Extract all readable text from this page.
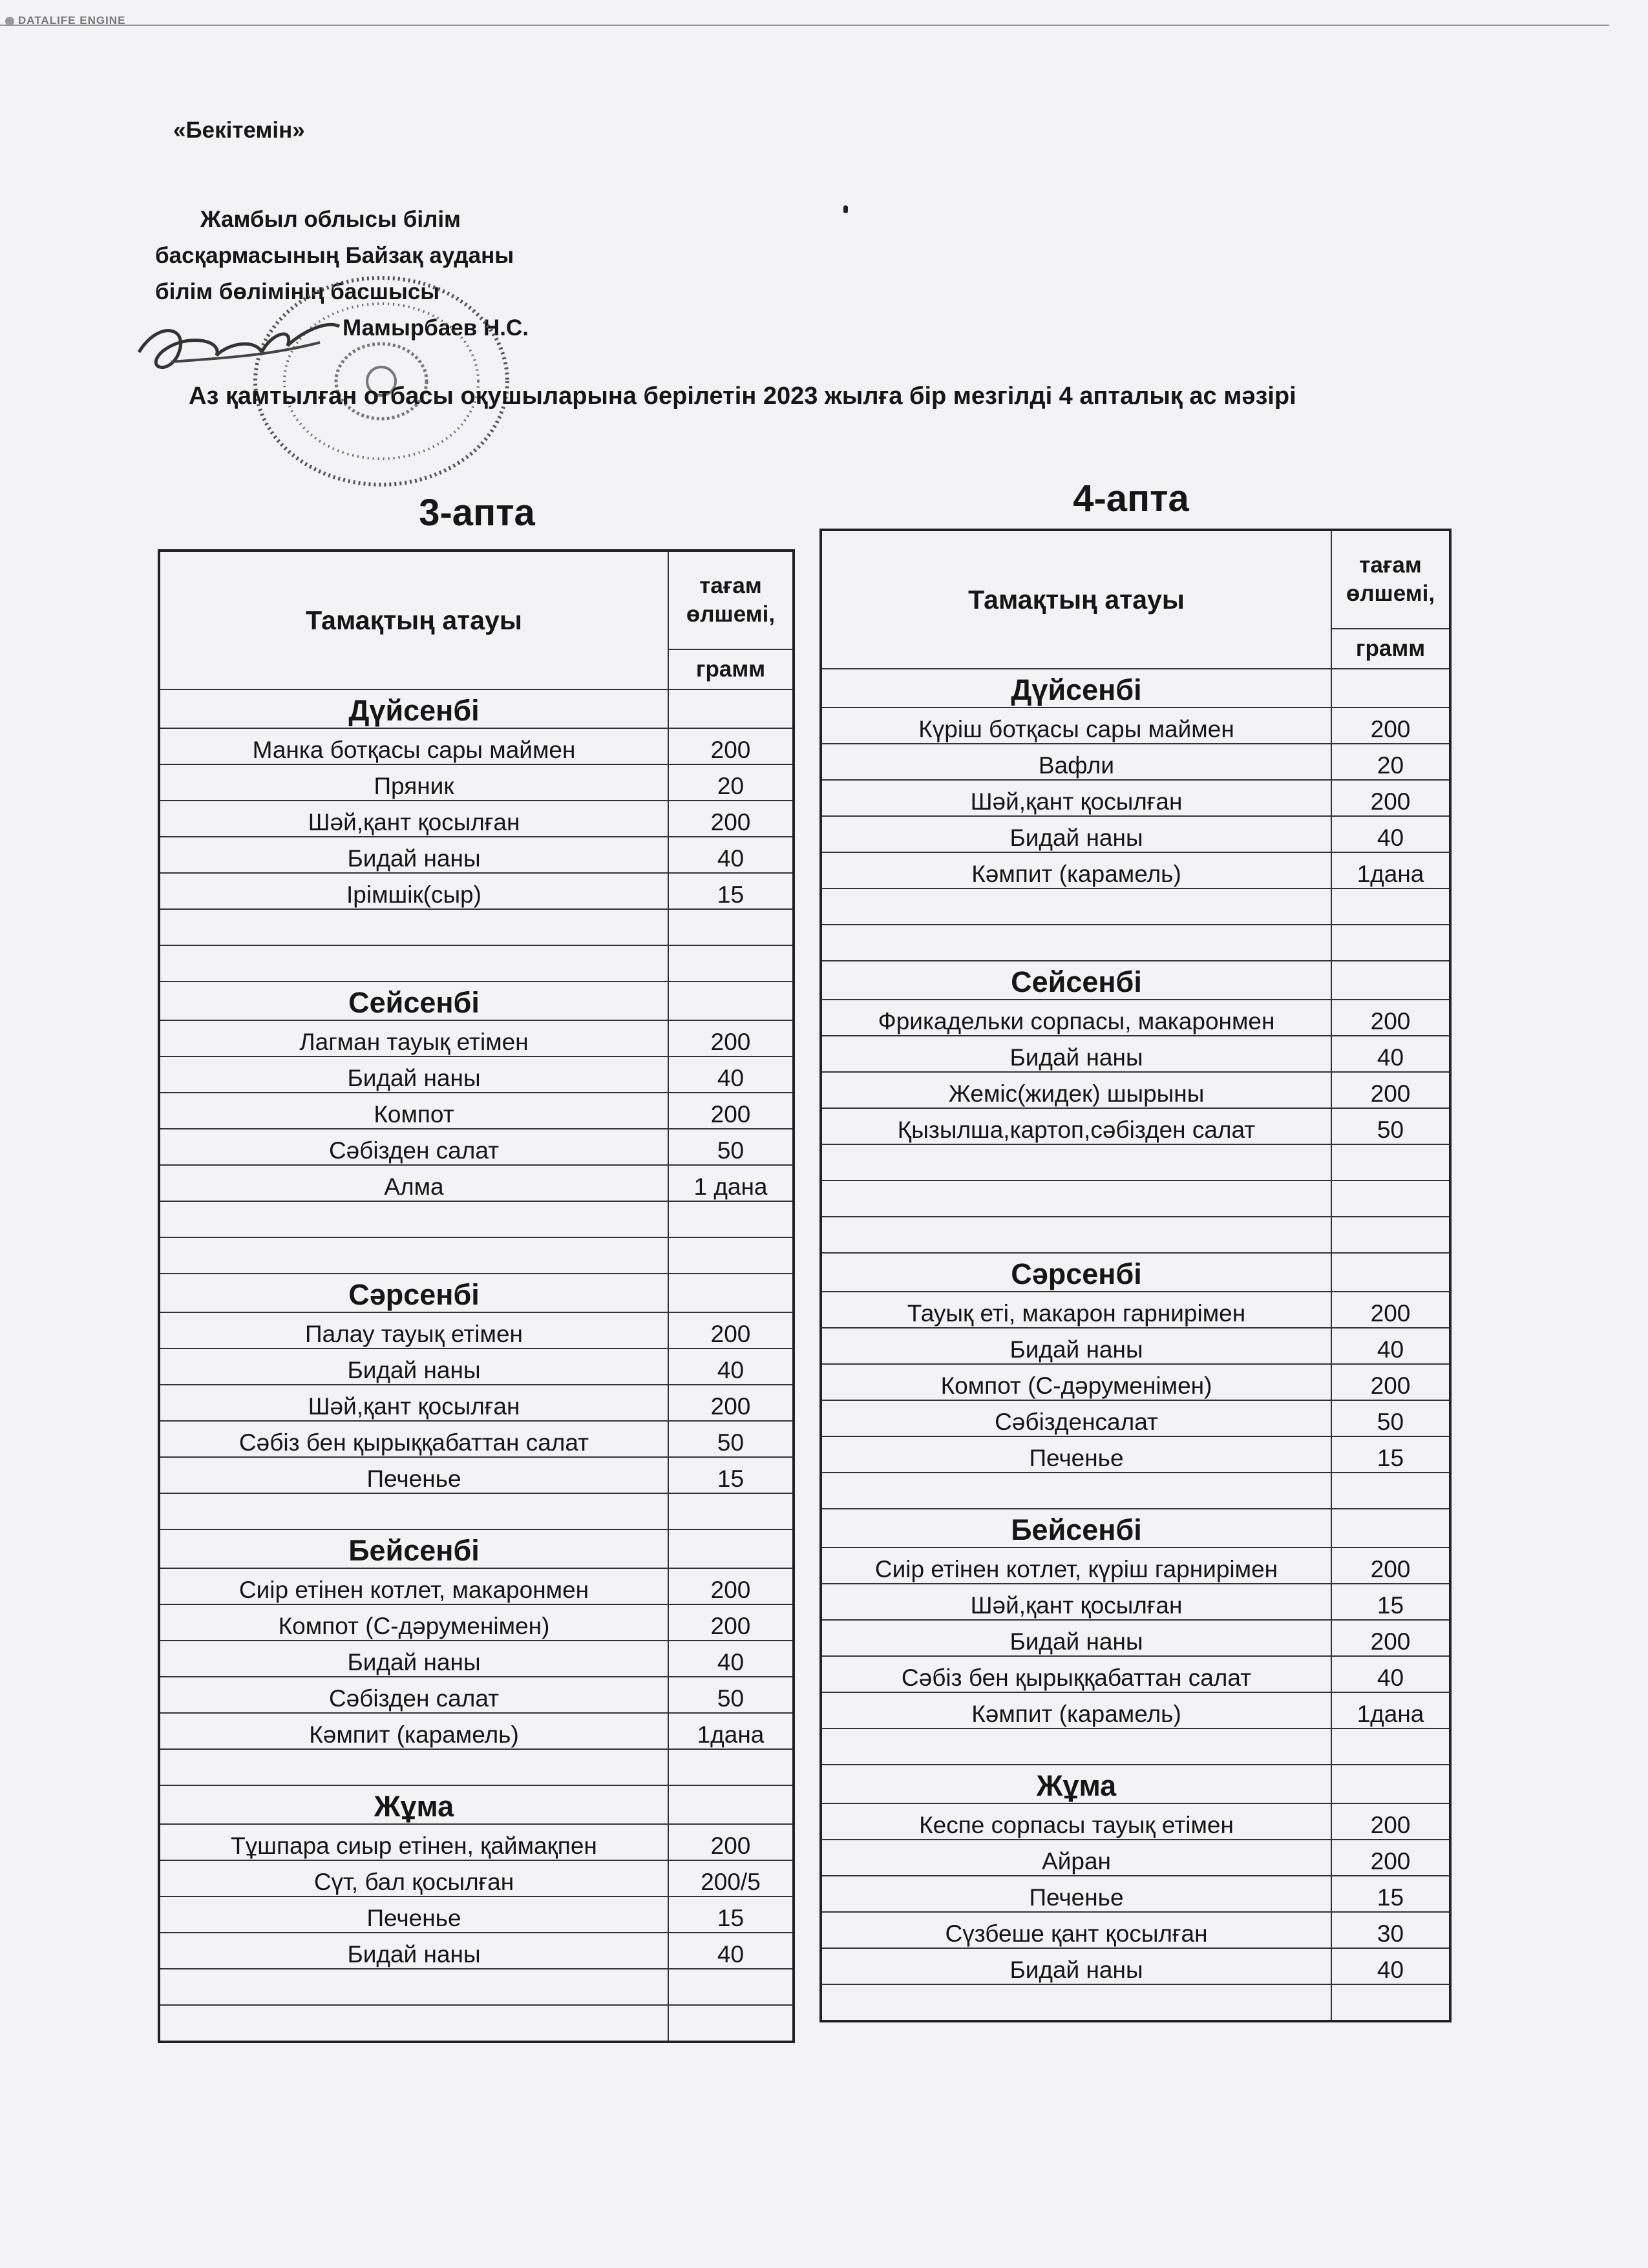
DATALIFE ENGINE
«Бекітемін»
Жамбыл облысы білім
басқармасының Байзақ ауданы
білім бөлімінің басшысы
Мамырбаев Н.С.
Аз қамтылған отбасы оқушыларына берілетін 2023 жылға бір мезгілді 4 апталық ас мәзірі
3-апта	4-апта
Тамақтың атауы	тағам
өлшемі,

	грамм
Дүйсенбі	
Манка ботқасы сары маймен	200
Пряник	20
Шәй,қант қосылған	200
Бидай наны	40
Ірімшік(сыр)	15

Сейсенбі	
Лагман тауық етімен	200
Бидай наны	40
Компот	200
Сәбізден салат	50
Алма	1 дана

Сәрсенбі	
Палау тауық етімен	200
Бидай наны	40
Шәй,қант қосылған	200
Сәбіз бен қырыққабаттан салат	50
Печенье	15

Бейсенбі	
Сиір етінен котлет, макаронмен	200
Компот (С-дәруменімен)	200
Бидай наны	40
Сәбізден салат	50
Кәмпит (карамель)	1дана

Жұма	
Тұшпара сиыр етінен, қаймақпен	200
Сүт, бал қосылған	200/5
Печенье	15
Бидай наны	40

Тамақтың атауы	тағам
өлшемі,

	грамм
Дүйсенбі	
Күріш ботқасы сары маймен	200
Вафли	20
Шәй,қант қосылған	200
Бидай наны	40
Кәмпит (карамель)	1дана

Сейсенбі	
Фрикадельки сорпасы, макаронмен	200
Бидай наны	40
Жеміс(жидек) шырыны	200
Қызылша,картоп,сәбізден салат	50

Сәрсенбі	
Тауық еті, макарон гарнирімен	200
Бидай наны	40
Компот (С-дәруменімен)	200
Сәбізденсалат	50
Печенье	15

Бейсенбі	
Сиір етінен котлет, күріш гарнирімен	200
Шәй,қант қосылған	15
Бидай наны	200
Сәбіз бен қырыққабаттан салат	40
Кәмпит (карамель)	1дана

Жұма	
Кеспе сорпасы тауық етімен	200
Айран	200
Печенье	15
Сүзбеше қант қосылған	30
Бидай наны	40
